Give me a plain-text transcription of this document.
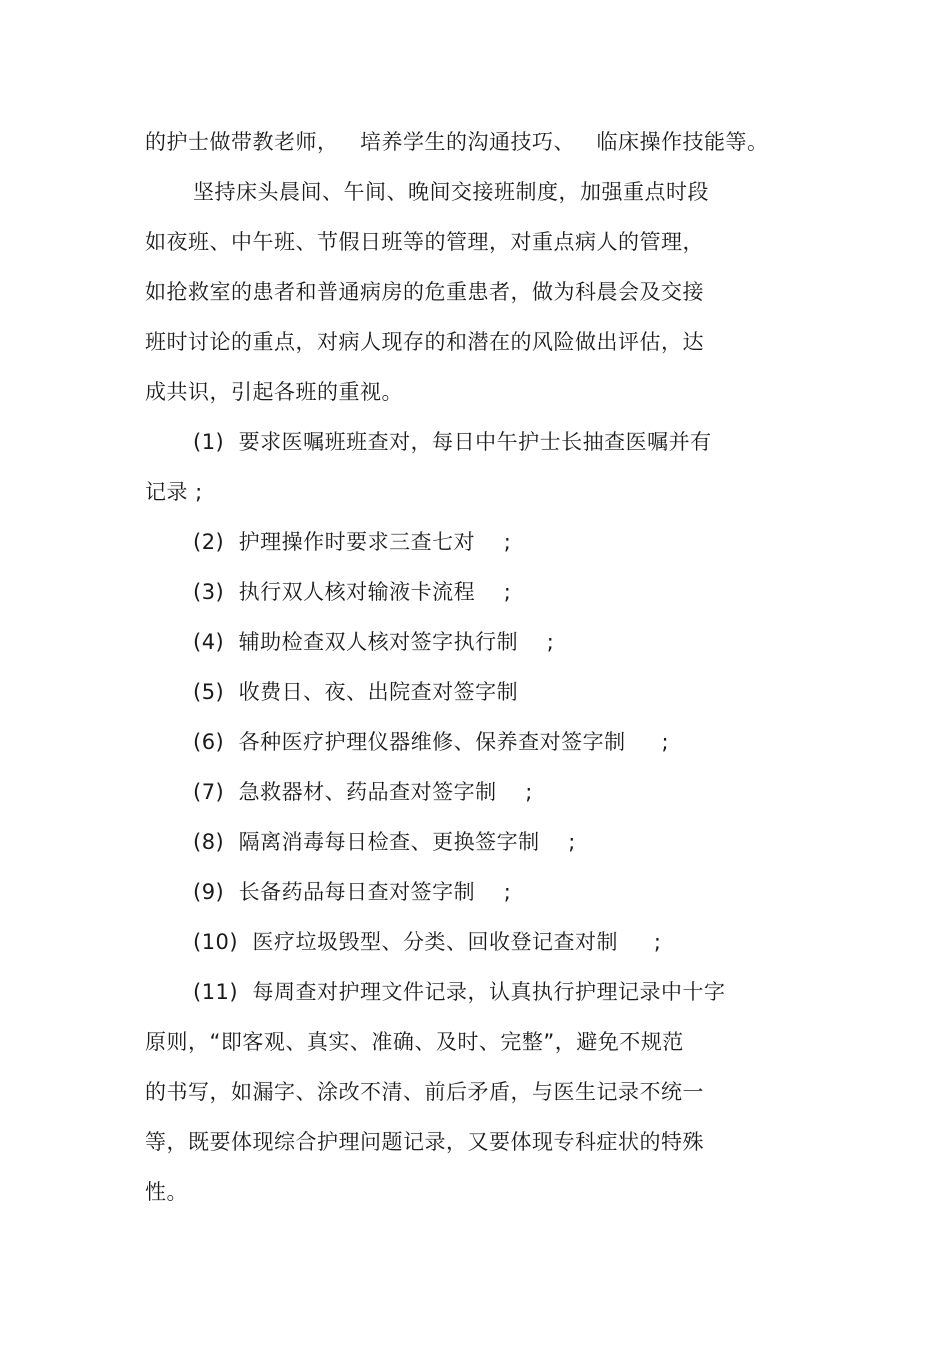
的护士做带教老师，   培养学生的沟通技巧、   临床操作技能等。
坚持床头晨间、午间、晚间交接班制度，加强重点时段
如夜班、中午班、节假日班等的管理，对重点病人的管理，
如抢救室的患者和普通病房的危重患者，做为科晨会及交接
班时讨论的重点，对病人现存的和潜在的风险做出评估，达
成共识，引起各班的重视。
(1)  要求医嘱班班查对，每日中午护士长抽查医嘱并有
记录 ;
(2)  护理操作时要求三查七对    ;
(3)  执行双人核对输液卡流程    ;
(4)  辅助检查双人核对签字执行制    ;
(5)  收费日、夜、出院查对签字制
(6)  各种医疗护理仪器维修、保养查对签字制     ;
(7)  急救器材、药品查对签字制    ;
(8)  隔离消毒每日检查、更换签字制    ;
(9)  长备药品每日查对签字制    ;
(10)  医疗垃圾毁型、分类、回收登记查对制     ;
(11)  每周查对护理文件记录，认真执行护理记录中十字
原则，“即客观、真实、准确、及时、完整”，避免不规范
的书写，如漏字、涂改不清、前后矛盾，与医生记录不统一
等，既要体现综合护理问题记录，又要体现专科症状的特殊
性。
